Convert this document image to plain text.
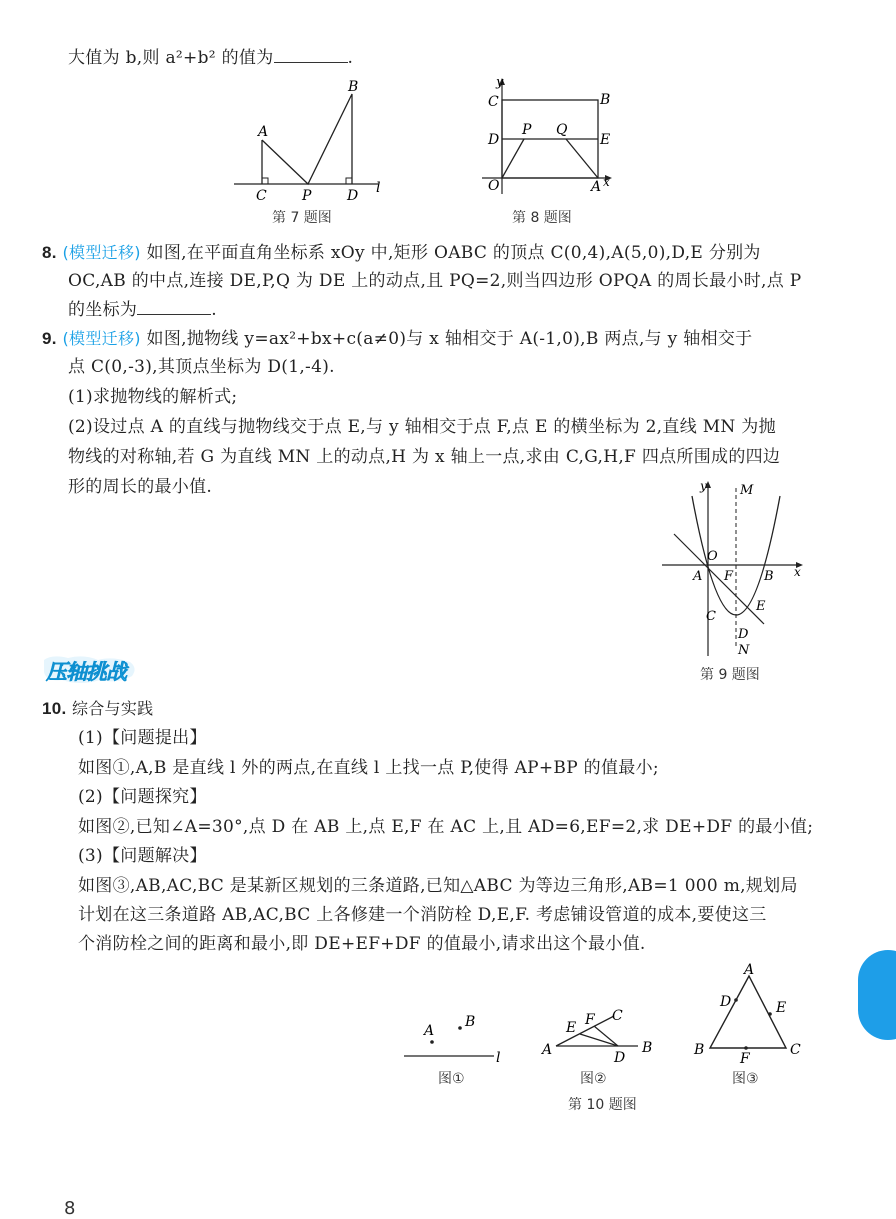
大值为 b,则 a²+b² 的值为	.
A
B
C	P	D l
第 7 题图
y
C	B
D
P Q
E
O	A x
第 8 题图
8. (模型迁移) 如图,在平面直角坐标系 xOy 中,矩形 OABC 的顶点 C(0,4),A(5,0),D,E 分别为
OC,AB 的中点,连接 DE,P,Q 为 DE 上的动点,且 PQ=2,则当四边形 OPQA 的周长最小时,点 P
的坐标为	.
9. (模型迁移) 如图,抛物线 y=ax²+bx+c(a≠0)与 x 轴相交于 A(-1,0),B 两点,与 y 轴相交于
点 C(0,-3),其顶点坐标为 D(1,-4).
(1)求抛物线的解析式;
(2)设过点 A 的直线与抛物线交于点 E,与 y 轴相交于点 F,点 E 的横坐标为 2,直线 MN 为抛
物线的对称轴,若 G 为直线 MN 上的动点,H 为 x 轴上一点,求由 C,G,H,F 四点所围成的四边
形的周长的最小值.	y	M
O
A F B x
C
E
D
N
第 9 题图
压轴挑战
10. 综合与实践
(1)【问题提出】
如图①,A,B 是直线 l 外的两点,在直线 l 上找一点 P,使得 AP+BP 的值最小;
(2)【问题探究】
如图②,已知∠A=30°,点 D 在 AB 上,点 E,F 在 AC 上,且 AD=6,EF=2,求 DE+DF 的最小值;
(3)【问题解决】
如图③,AB,AC,BC 是某新区规划的三条道路,已知△ABC 为等边三角形,AB=1 000 m,规划局
计划在这三条道路 AB,AC,BC 上各修建一个消防栓 D,E,F. 考虑铺设管道的成本,要使这三
个消防栓之间的距离和最小,即 DE+EF+DF 的值最小,请求出这个最小值.
A
B
l
图①
E F C
A	D
B
图②
A
D	E
B
F
C
图③
第 10 题图
8
